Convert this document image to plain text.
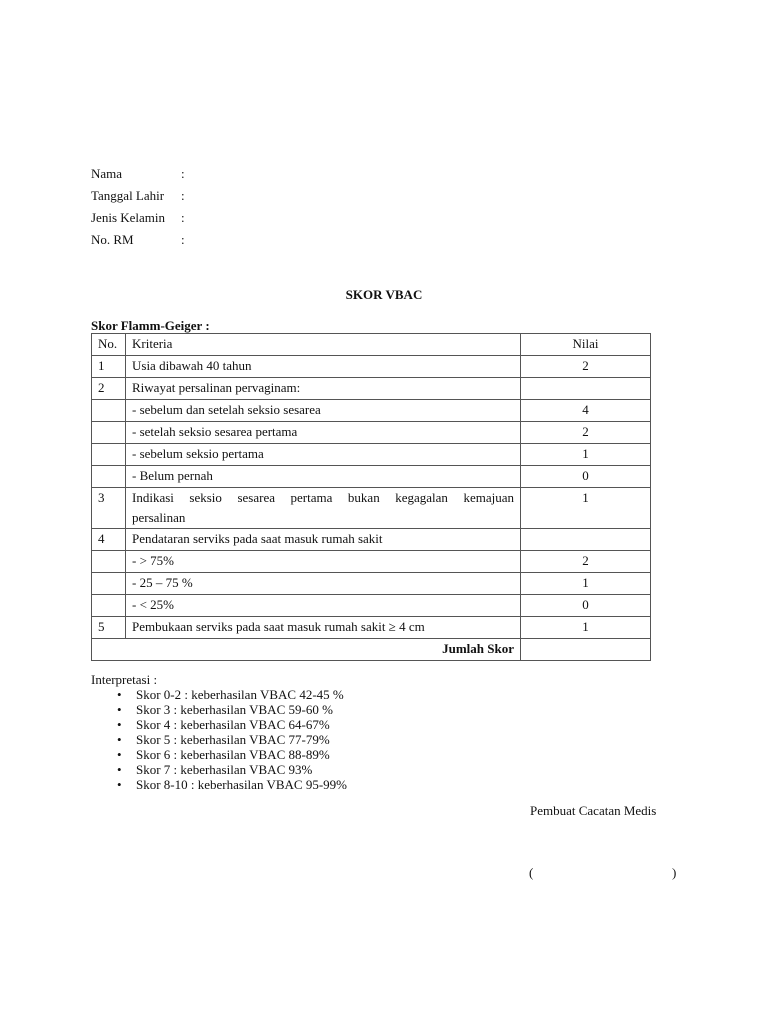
Nama	:
Tanggal Lahir :
Jenis Kelamin :
No. RM	:
SKOR VBAC
Skor Flamm-Geiger :
No.	Kriteria	Nilai
1	Usia dibawah 40 tahun	2
2	Riwayat persalinan pervaginam:	
	- sebelum dan setelah seksio sesarea	4
	- setelah seksio sesarea pertama	2
	- sebelum seksio pertama	1
	- Belum pernah	0
3	Indikasi seksio sesarea pertama bukan kegagalan kemajuan
persalinan	1
4	Pendataran serviks pada saat masuk rumah sakit	
	- > 75%	2
	- 25 – 75 %	1
	- < 25%	0
5	Pembukaan serviks pada saat masuk rumah sakit ≥ 4 cm	1
Jumlah Skor		
Interpretasi :
• Skor 0-2 : keberhasilan VBAC 42-45 %
• Skor 3 : keberhasilan VBAC 59-60 %
• Skor 4 : keberhasilan VBAC 64-67%
• Skor 5 : keberhasilan VBAC 77-79%
• Skor 6 : keberhasilan VBAC 88-89%
• Skor 7 : keberhasilan VBAC 93%
• Skor 8-10 : keberhasilan VBAC 95-99%
Pembuat Cacatan Medis
(	)
